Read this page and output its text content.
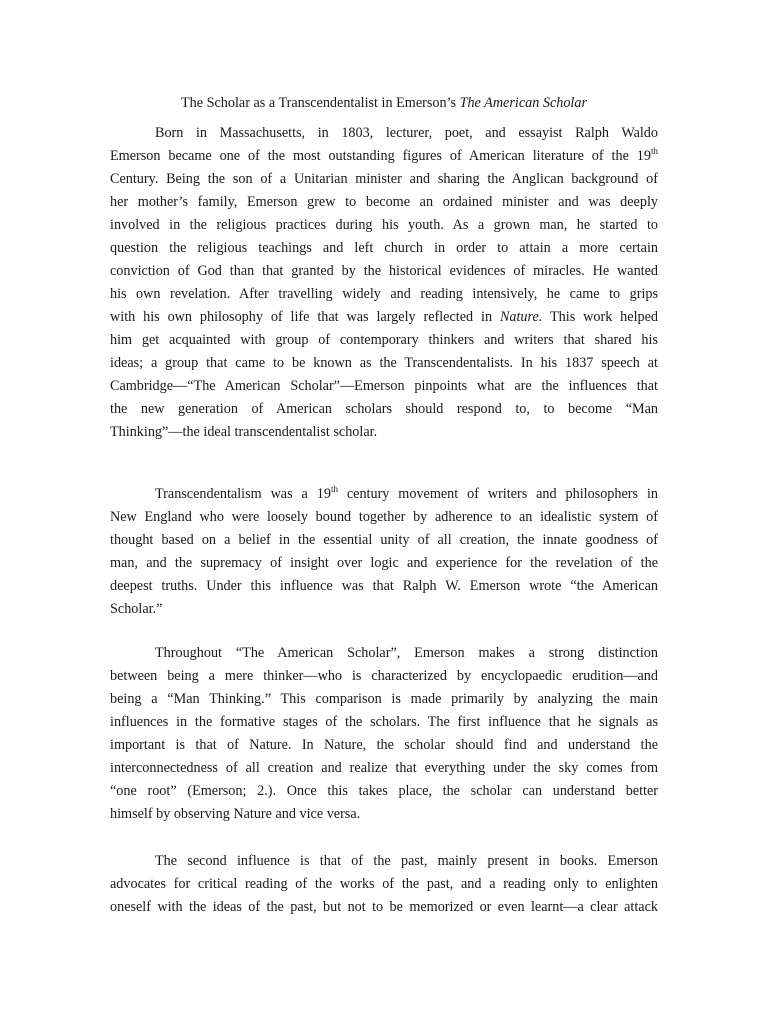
The Scholar as a Transcendentalist in Emerson’s The American Scholar
Born in Massachusetts, in 1803, lecturer, poet, and essayist Ralph Waldo
Emerson became one of the most outstanding figures of American literature of the 19th
Century. Being the son of a Unitarian minister and sharing the Anglican background of
her mother’s family, Emerson grew to become an ordained minister and was deeply
involved in the religious practices during his youth. As a grown man, he started to
question the religious teachings and left church in order to attain a more certain
conviction of God than that granted by the historical evidences of miracles. He wanted
his own revelation. After travelling widely and reading intensively, he came to grips
with his own philosophy of life that was largely reflected in Nature. This work helped
him get acquainted with group of contemporary thinkers and writers that shared his
ideas; a group that came to be known as the Transcendentalists. In his 1837 speech at
Cambridge—“The American Scholar”—Emerson pinpoints what are the influences that
the new generation of American scholars should respond to, to become “Man
Thinking”—the ideal transcendentalist scholar.
Transcendentalism was a 19th century movement of writers and philosophers in
New England who were loosely bound together by adherence to an idealistic system of
thought based on a belief in the essential unity of all creation, the innate goodness of
man, and the supremacy of insight over logic and experience for the revelation of the
deepest truths. Under this influence was that Ralph W. Emerson wrote “the American
Scholar.”
Throughout “The American Scholar”, Emerson makes a strong distinction
between being a mere thinker—who is characterized by encyclopaedic erudition—and
being a “Man Thinking.” This comparison is made primarily by analyzing the main
influences in the formative stages of the scholars. The first influence that he signals as
important is that of Nature. In Nature, the scholar should find and understand the
interconnectedness of all creation and realize that everything under the sky comes from
“one root” (Emerson; 2.). Once this takes place, the scholar can understand better
himself by observing Nature and vice versa.
The second influence is that of the past, mainly present in books. Emerson
advocates for critical reading of the works of the past, and a reading only to enlighten
oneself with the ideas of the past, but not to be memorized or even learnt—a clear attack
